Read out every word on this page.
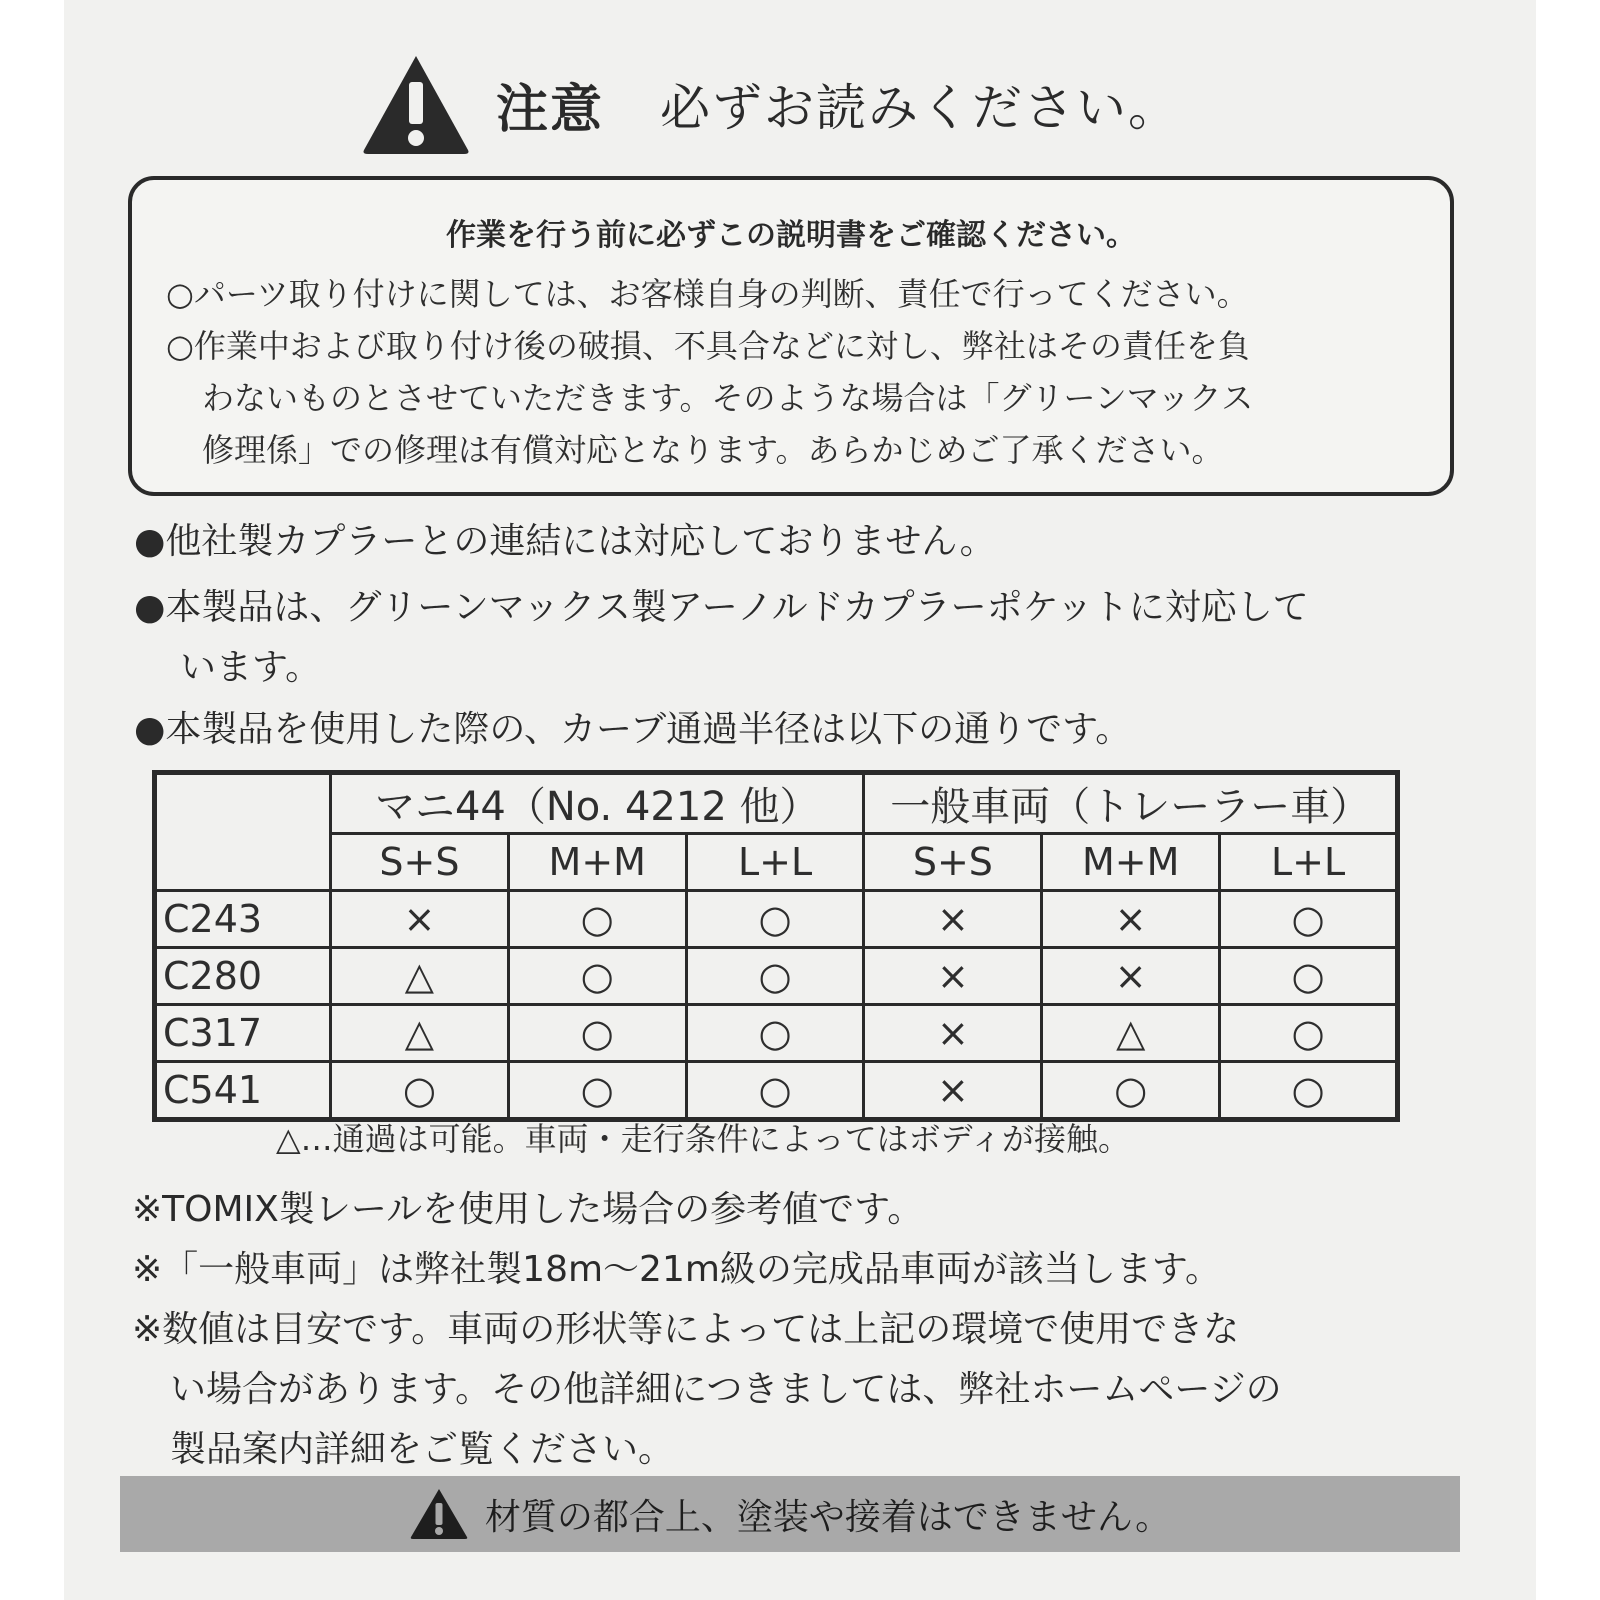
注意 必ずお読みください。
作業を行う前に必ずこの説明書をご確認ください。
○パーツ取り付けに関しては、お客様自身の判断、責任で行ってください。
○作業中および取り付け後の破損、不具合などに対し、弊社はその責任を負
わないものとさせていただきます。そのような場合は「グリーンマックス
修理係」での修理は有償対応となります。あらかじめご了承ください。
●他社製カプラーとの連結には対応しておりません。
●本製品は、グリーンマックス製アーノルドカプラーポケットに対応して
います。
●本製品を使用した際の、カーブ通過半径は以下の通りです。
	マニ44（No. 4212 他）			一般車両（トレーラー車）		
	S+S	M+M	L+L	S+S	M+M	L+L
C243	×	○	○	×	×	○
C280	△	○	○	×	×	○
C317	△	○	○	×	△	○
C541	○	○	○	×	○	○
△…通過は可能。車両・走行条件によってはボディが接触。
※TOMIX製レールを使用した場合の参考値です。
※「一般車両」は弊社製18m～21m級の完成品車両が該当します。
※数値は目安です。車両の形状等によっては上記の環境で使用できな
い場合があります。その他詳細につきましては、弊社ホームページの
製品案内詳細をご覧ください。
材質の都合上、塗装や接着はできません。
